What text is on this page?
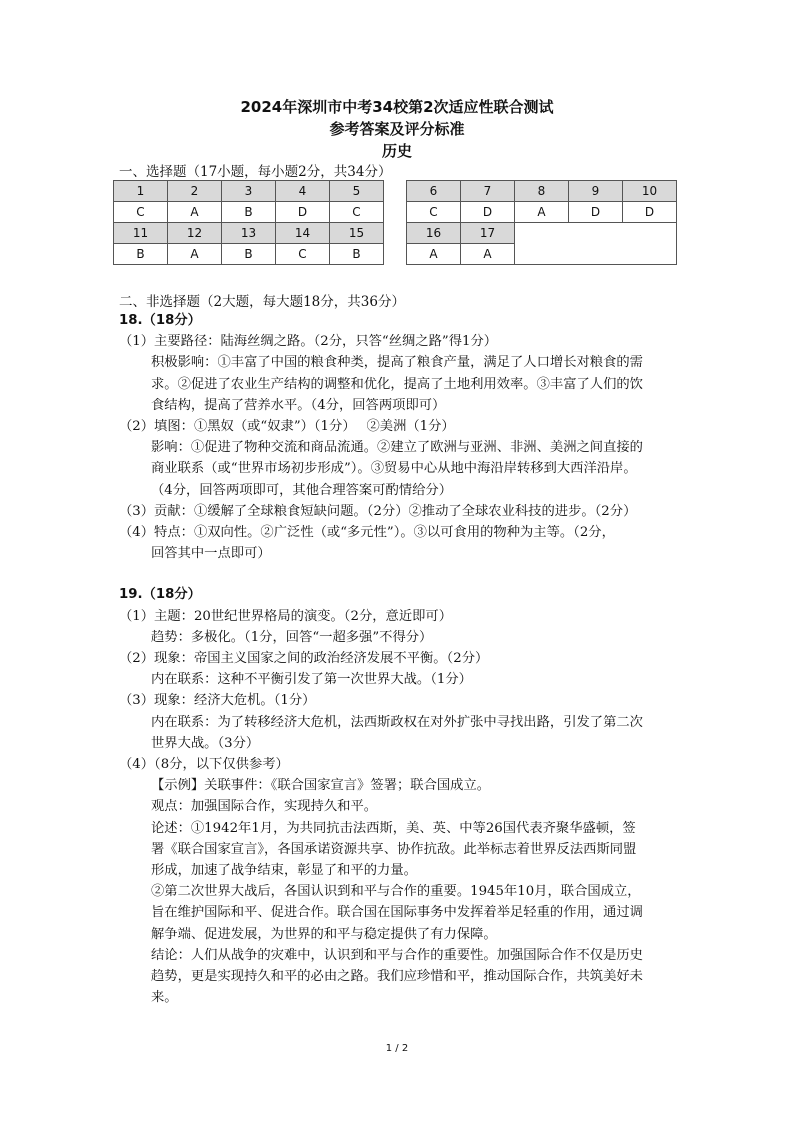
2024年深圳市中考34校第2次适应性联合测试
参考答案及评分标准
历史
一、选择题（17小题，每小题2分，共34分）
1	2	3	4	5		6	7	8	9	10
C	A	B	D	C		C	D	A	D	D
11	12	13	14	15		16	17			
B	A	B	C	B		A	A			
二、非选择题（2大题，每大题18分，共36分）
18.（18分）
（1）主要路径：陆海丝绸之路。（2分，只答“丝绸之路”得1分）
积极影响：①丰富了中国的粮食种类，提高了粮食产量，满足了人口增长对粮食的需
求。②促进了农业生产结构的调整和优化，提高了土地利用效率。③丰富了人们的饮
食结构，提高了营养水平。（4分，回答两项即可）
（2）填图：①黑奴（或“奴隶”）（1分）　 ②美洲（1分）
影响：①促进了物种交流和商品流通。②建立了欧洲与亚洲、非洲、美洲之间直接的
商业联系（或“世界市场初步形成”）。③贸易中心从地中海沿岸转移到大西洋沿岸。
（4分，回答两项即可，其他合理答案可酌情给分）
（3）贡献：①缓解了全球粮食短缺问题。（2分）②推动了全球农业科技的进步。（2分）
（4）特点：①双向性。②广泛性（或“多元性”）。③以可食用的物种为主等。（2分，
回答其中一点即可）
19.（18分）
（1）主题：20世纪世界格局的演变。（2分，意近即可）
趋势：多极化。（1分，回答“一超多强”不得分）
（2）现象：帝国主义国家之间的政治经济发展不平衡。（2分）
内在联系：这种不平衡引发了第一次世界大战。（1分）
（3）现象：经济大危机。（1分）
内在联系：为了转移经济大危机，法西斯政权在对外扩张中寻找出路，引发了第二次
世界大战。（3分）
（4）（8分，以下仅供参考）
【示例】关联事件：《联合国家宣言》签署；联合国成立。
观点：加强国际合作，实现持久和平。
论述：①1942年1月，为共同抗击法西斯，美、英、中等26国代表齐聚华盛顿，签
署《联合国家宣言》，各国承诺资源共享、协作抗敌。此举标志着世界反法西斯同盟
形成，加速了战争结束，彰显了和平的力量。
②第二次世界大战后，各国认识到和平与合作的重要。1945年10月，联合国成立，
旨在维护国际和平、促进合作。联合国在国际事务中发挥着举足轻重的作用，通过调
解争端、促进发展，为世界的和平与稳定提供了有力保障。
结论：人们从战争的灾难中，认识到和平与合作的重要性。加强国际合作不仅是历史
趋势，更是实现持久和平的必由之路。我们应珍惜和平，推动国际合作，共筑美好未
来。
1 / 2
